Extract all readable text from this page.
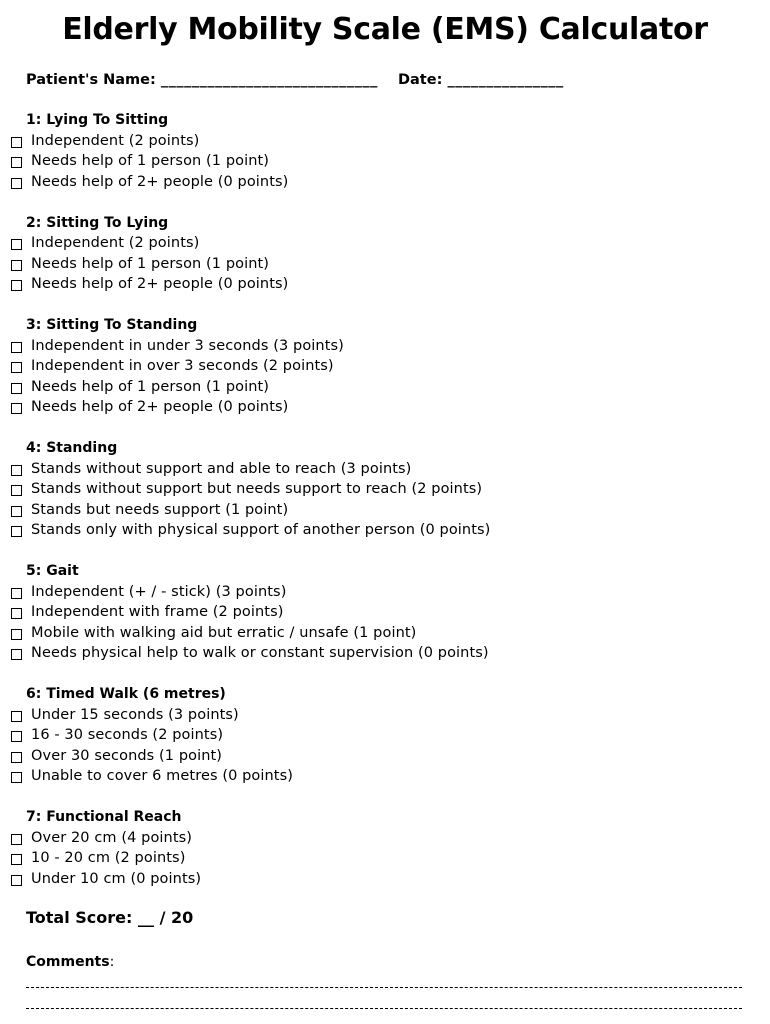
Elderly Mobility Scale (EMS) Calculator
Patient's Name: ____________________________ Date: _______________
1: Lying To Sitting
Independent (2 points)
Needs help of 1 person (1 point)
Needs help of 2+ people (0 points)
2: Sitting To Lying
Independent (2 points)
Needs help of 1 person (1 point)
Needs help of 2+ people (0 points)
3: Sitting To Standing
Independent in under 3 seconds (3 points)
Independent in over 3 seconds (2 points)
Needs help of 1 person (1 point)
Needs help of 2+ people (0 points)
4: Standing
Stands without support and able to reach (3 points)
Stands without support but needs support to reach (2 points)
Stands but needs support (1 point)
Stands only with physical support of another person (0 points)
5: Gait
Independent (+ / - stick) (3 points)
Independent with frame (2 points)
Mobile with walking aid but erratic / unsafe (1 point)
Needs physical help to walk or constant supervision (0 points)
6: Timed Walk (6 metres)
Under 15 seconds (3 points)
16 - 30 seconds (2 points)
Over 30 seconds (1 point)
Unable to cover 6 metres (0 points)
7: Functional Reach
Over 20 cm (4 points)
10 - 20 cm (2 points)
Under 10 cm (0 points)
Total Score: __ / 20
Comments:
